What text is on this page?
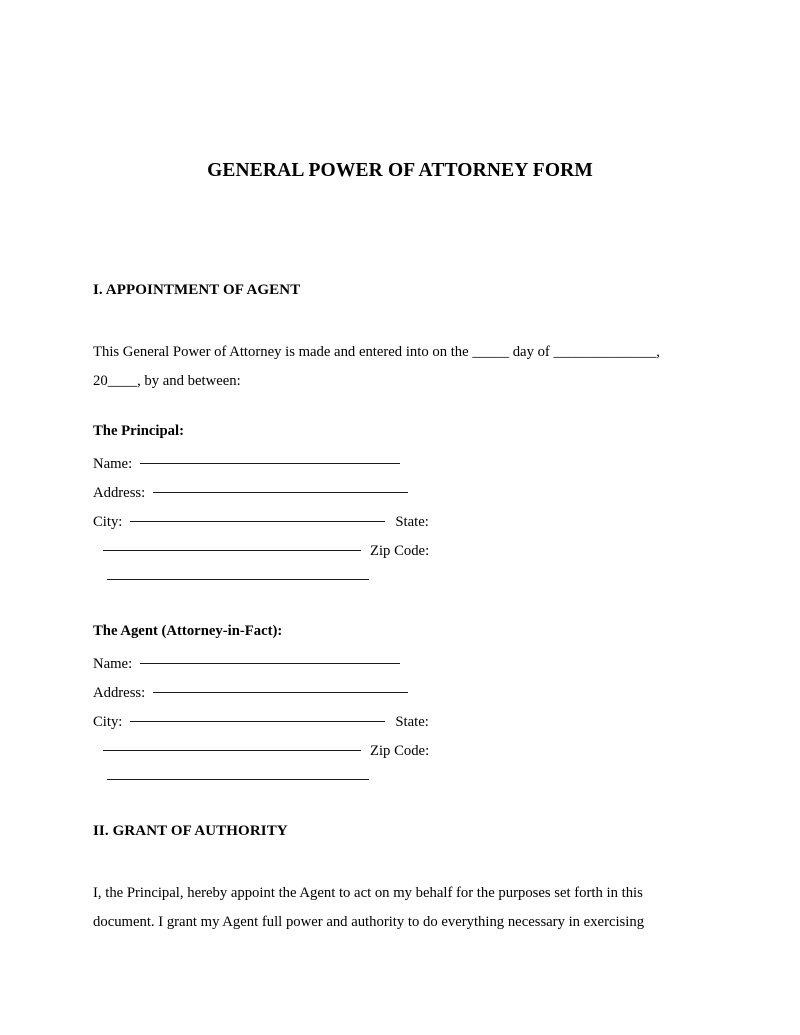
GENERAL POWER OF ATTORNEY FORM
I. APPOINTMENT OF AGENT
This General Power of Attorney is made and entered into on the _____ day of ______________, 20____, by and between:
The Principal:
Name:
Address:
City:	State:
Zip Code:
The Agent (Attorney-in-Fact):
Name:
Address:
City:	State:
Zip Code:
II. GRANT OF AUTHORITY
I, the Principal, hereby appoint the Agent to act on my behalf for the purposes set forth in this document. I grant my Agent full power and authority to do everything necessary in exercising
